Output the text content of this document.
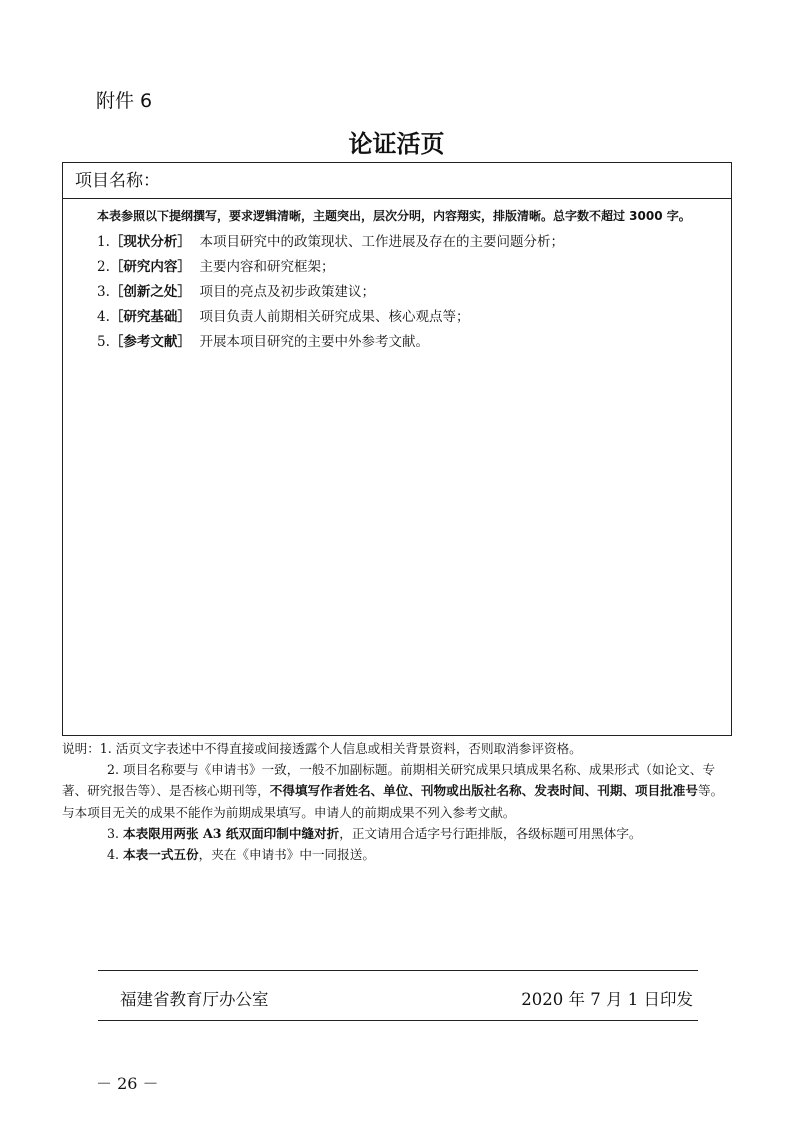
附件 6
论证活页
项目名称：
本表参照以下提纲撰写，要求逻辑清晰，主题突出，层次分明，内容翔实，排版清晰。总字数不超过 3000 字。
1.［现状分析］ 本项目研究中的政策现状、工作进展及存在的主要问题分析；
2.［研究内容］ 主要内容和研究框架；
3.［创新之处］ 项目的亮点及初步政策建议；
4.［研究基础］ 项目负责人前期相关研究成果、核心观点等；
5.［参考文献］ 开展本项目研究的主要中外参考文献。

说明：1. 活页文字表述中不得直接或间接透露个人信息或相关背景资料，否则取消参评资格。

2. 项目名称要与《申请书》一致，一般不加副标题。前期相关研究成果只填成果名称、成果形式（如论文、专著、研究报告等）、是否核心期刊等，不得填写作者姓名、单位、刊物或出版社名称、发表时间、刊期、项目批准号等。与本项目无关的成果不能作为前期成果填写。申请人的前期成果不列入参考文献。

3. 本表限用两张 A3 纸双面印制中缝对折，正文请用合适字号行距排版，各级标题可用黑体字。

4. 本表一式五份，夹在《申请书》中一同报送。

福建省教育厅办公室	2020 年 7 月 1 日印发
－ 26 －
